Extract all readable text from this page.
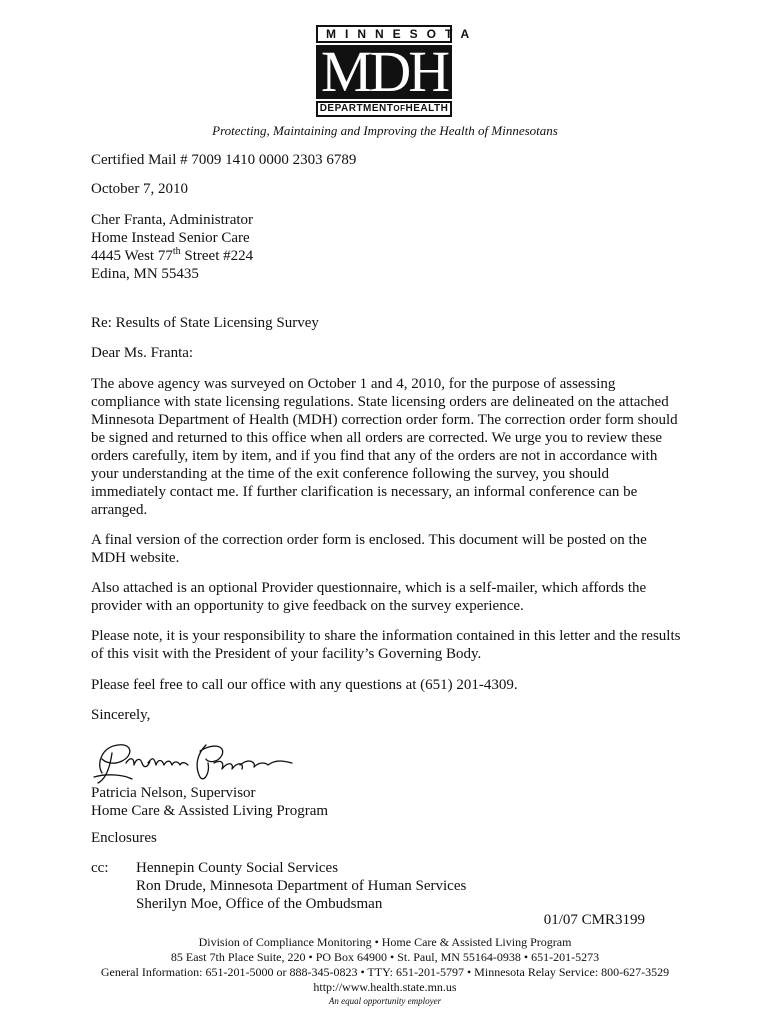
MINNESOTA
MDH
DEPARTMENTOFHEALTH
Protecting, Maintaining and Improving the Health of Minnesotans

Certified Mail # 7009 1410 0000 2303 6789

October 7, 2010

Cher Franta, Administrator

Home Instead Senior Care

4445 West 77th Street #224

Edina, MN 55435

Re: Results of State Licensing Survey

Dear Ms. Franta:

The above agency was surveyed on October 1 and 4, 2010, for the purpose of assessing compliance with state licensing regulations. State licensing orders are delineated on the attached Minnesota Department of Health (MDH) correction order form. The correction order form should be signed and returned to this office when all orders are corrected. We urge you to review these orders carefully, item by item, and if you find that any of the orders are not in accordance with your understanding at the time of the exit conference following the survey, you should immediately contact me. If further clarification is necessary, an informal conference can be arranged.

A final version of the correction order form is enclosed. This document will be posted on the MDH website.

Also attached is an optional Provider questionnaire, which is a self-mailer, which affords the provider with an opportunity to give feedback on the survey experience.

Please note, it is your responsibility to share the information contained in this letter and the results of this visit with the President of your facility’s Governing Body.

Please feel free to call our office with any questions at (651) 201-4309.

Sincerely,

Patricia Nelson, Supervisor

Home Care & Assisted Living Program

Enclosures

cc: Hennepin County Social Services

Ron Drude, Minnesota Department of Human Services

Sherilyn Moe, Office of the Ombudsman

01/07 CMR3199
Division of Compliance Monitoring • Home Care & Assisted Living Program
85 East 7th Place Suite, 220 • PO Box 64900 • St. Paul, MN 55164-0938 • 651-201-5273
General Information: 651-201-5000 or 888-345-0823 • TTY: 651-201-5797 • Minnesota Relay Service: 800-627-3529
http://www.health.state.mn.us
An equal opportunity employer
